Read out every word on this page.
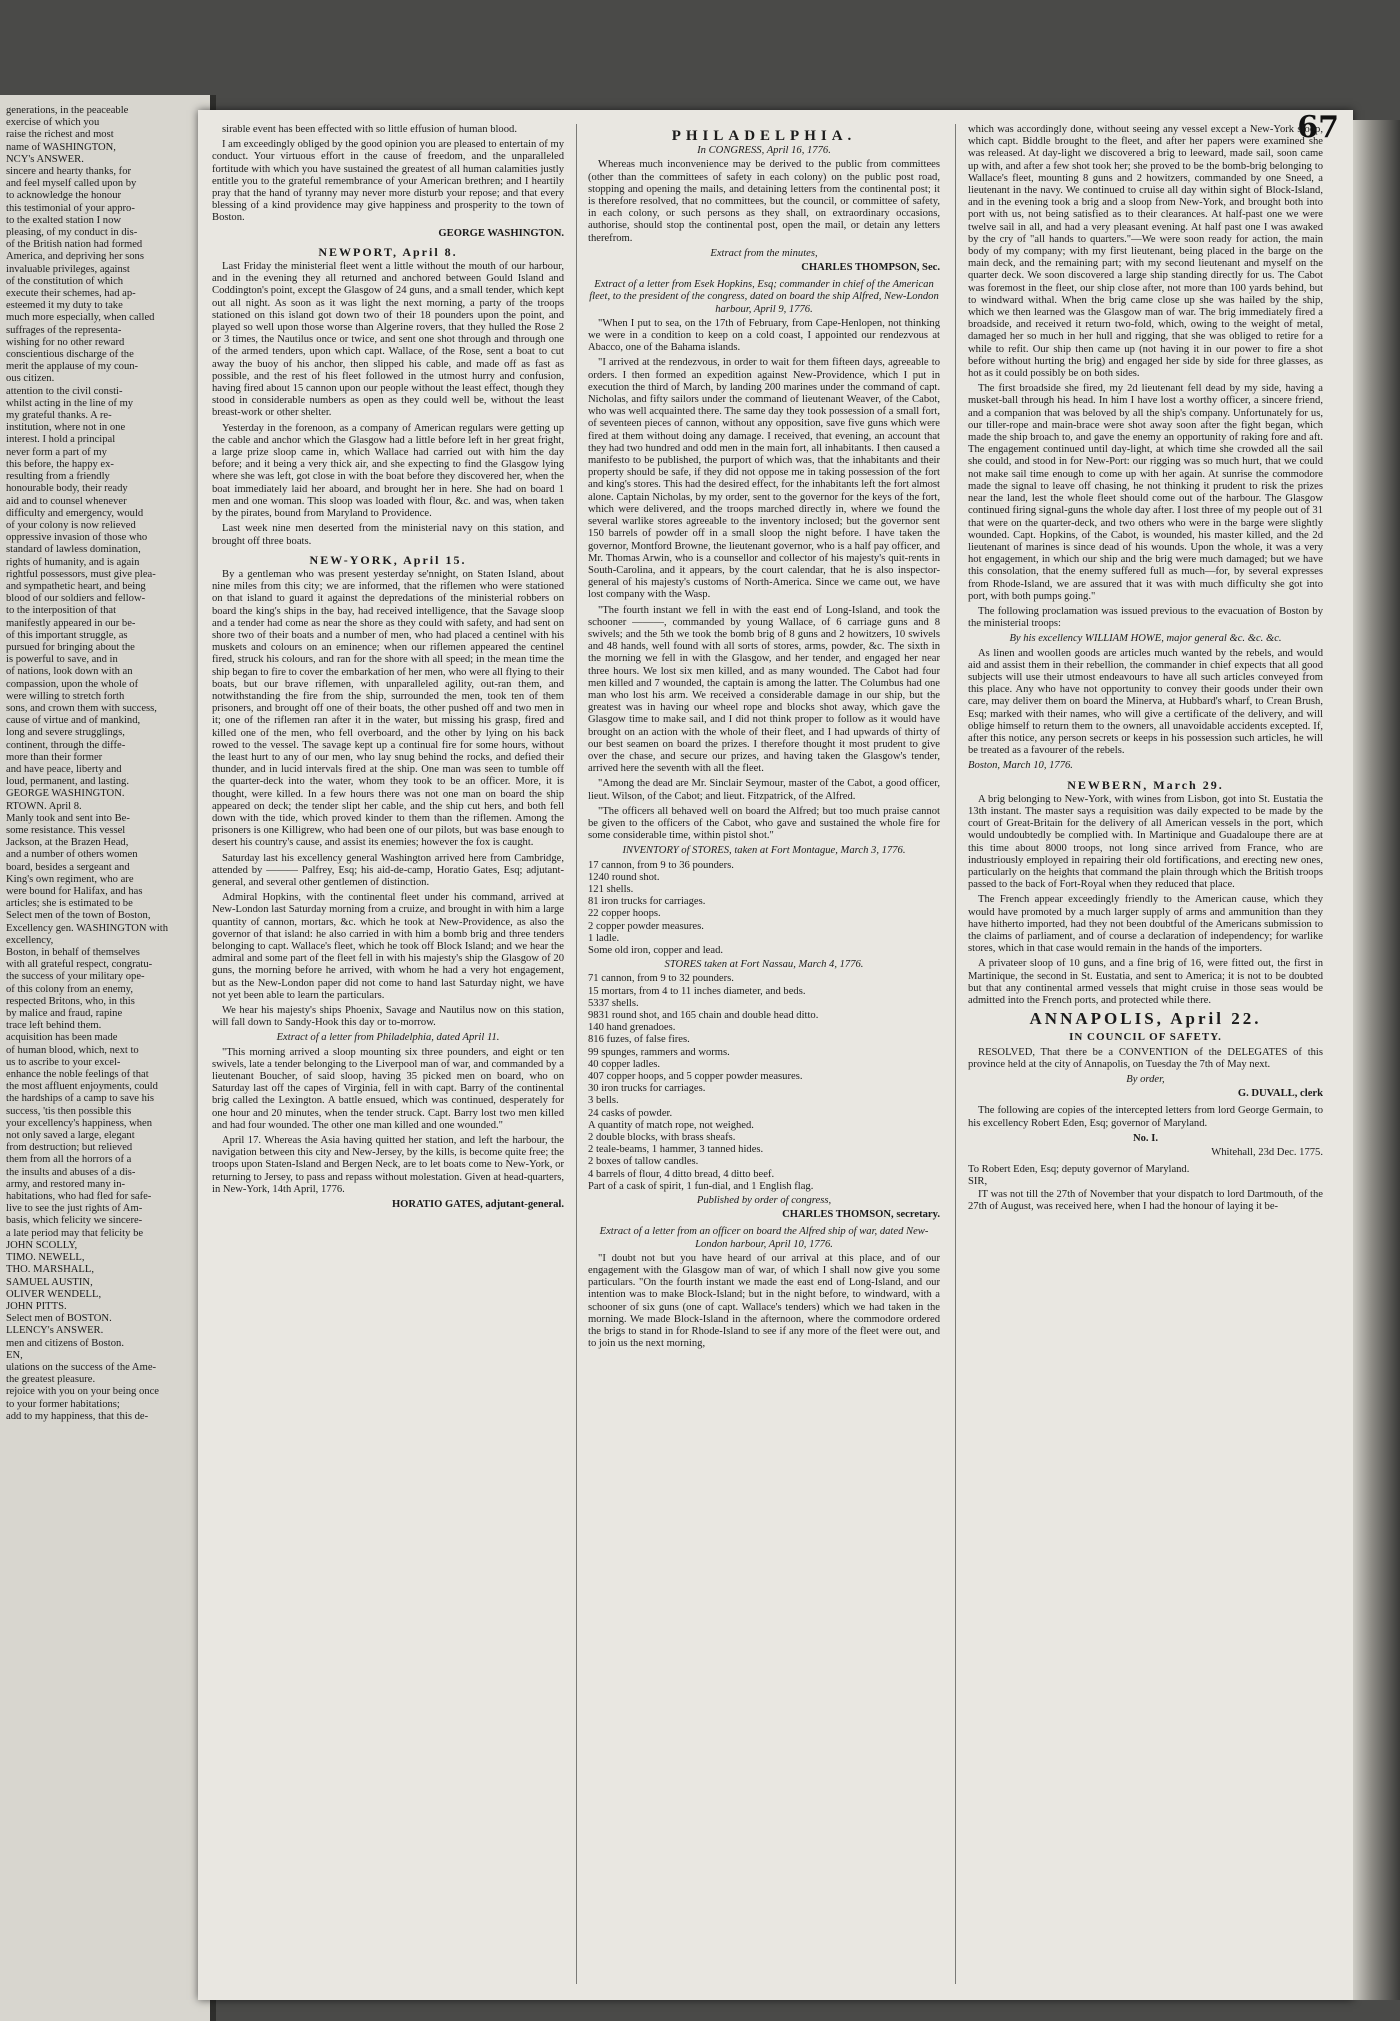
generations, in the peaceable
exercise of which you
raise the richest and most
name of WASHINGTON,
NCY's ANSWER.
sincere and hearty thanks, for
and feel myself called upon by
to acknowledge the honour
this testimonial of your appro-
to the exalted station I now
pleasing, of my conduct in dis-
of the British nation had formed
America, and depriving her sons
invaluable privileges, against
of the constitution of which
execute their schemes, had ap-
esteemed it my duty to take
much more especially, when called
suffrages of the representa-
wishing for no other reward
conscientious discharge of the
merit the applause of my coun-
ous citizen.
attention to the civil consti-
whilst acting in the line of my
my grateful thanks. A re-
institution, where not in one
interest. I hold a principal
never form a part of my
this before, the happy ex-
resulting from a friendly
honourable body, their ready
aid and to counsel whenever
difficulty and emergency, would
of your colony is now relieved
oppressive invasion of those who
standard of lawless domination,
rights of humanity, and is again
rightful possessors, must give plea-
and sympathetic heart, and being
blood of our soldiers and fellow-
to the interposition of that
manifestly appeared in our be-
of this important struggle, as
pursued for bringing about the
is powerful to save, and in
of nations, look down with an
compassion, upon the whole of
were willing to stretch forth
sons, and crown them with success,
cause of virtue and of mankind,
long and severe strugglings,
continent, through the diffe-
more than their former
and have peace, liberty and
loud, permanent, and lasting.
GEORGE WASHINGTON.
RTOWN. April 8.
Manly took and sent into Be-
some resistance. This vessel
Jackson, at the Brazen Head,
and a number of others women
board, besides a sergeant and
King's own regiment, who are
were bound for Halifax, and has
articles; she is estimated to be
Select men of the town of Boston,
Excellency gen. WASHINGTON with
excellency,
Boston, in behalf of themselves
with all grateful respect, congratu-
the success of your military ope-
of this colony from an enemy,
respected Britons, who, in this
by malice and fraud, rapine
trace left behind them.
acquisition has been made
of human blood, which, next to
us to ascribe to your excel-
enhance the noble feelings of that
the most affluent enjoyments, could
the hardships of a camp to save his
success, 'tis then possible this
your excellency's happiness, when
not only saved a large, elegant
from destruction; but relieved
them from all the horrors of a
the insults and abuses of a dis-
army, and restored many in-
habitations, who had fled for safe-
live to see the just rights of Am-
basis, which felicity we sincere-
a late period may that felicity be
JOHN SCOLLY,
TIMO. NEWELL,
THO. MARSHALL,
SAMUEL AUSTIN,
OLIVER WENDELL,
JOHN PITTS.
Select men of BOSTON.
LLENCY's ANSWER.
men and citizens of Boston.
EN,
ulations on the success of the Ame-
the greatest pleasure.
rejoice with you on your being once
to your former habitations;
add to my happiness, that this de-
67

sirable event has been effected with so little effusion of human blood.

I am exceedingly obliged by the good opinion you are pleased to entertain of my conduct. Your virtuous effort in the cause of freedom, and the unparalleled fortitude with which you have sustained the greatest of all human calamities justly entitle you to the grateful remembrance of your American brethren; and I heartily pray that the hand of tyranny may never more disturb your repose; and that every blessing of a kind providence may give happiness and prosperity to the town of Boston.

GEORGE WASHINGTON.
NEWPORT, April 8.

Last Friday the ministerial fleet went a little without the mouth of our harbour, and in the evening they all returned and anchored between Gould Island and Coddington's point, except the Glasgow of 24 guns, and a small tender, which kept out all night. As soon as it was light the next morning, a party of the troops stationed on this island got down two of their 18 pounders upon the point, and played so well upon those worse than Algerine rovers, that they hulled the Rose 2 or 3 times, the Nautilus once or twice, and sent one shot through and through one of the armed tenders, upon which capt. Wallace, of the Rose, sent a boat to cut away the buoy of his anchor, then slipped his cable, and made off as fast as possible, and the rest of his fleet followed in the utmost hurry and confusion, having fired about 15 cannon upon our people without the least effect, though they stood in considerable numbers as open as they could well be, without the least breast-work or other shelter.

Yesterday in the forenoon, as a company of American regulars were getting up the cable and anchor which the Glasgow had a little before left in her great fright, a large prize sloop came in, which Wallace had carried out with him the day before; and it being a very thick air, and she expecting to find the Glasgow lying where she was left, got close in with the boat before they discovered her, when the boat immediately laid her aboard, and brought her in here. She had on board 1 men and one woman. This sloop was loaded with flour, &c. and was, when taken by the pirates, bound from Maryland to Providence.

Last week nine men deserted from the ministerial navy on this station, and brought off three boats.

NEW-YORK, April 15.

By a gentleman who was present yesterday se'nnight, on Staten Island, about nine miles from this city; we are informed, that the riflemen who were stationed on that island to guard it against the depredations of the ministerial robbers on board the king's ships in the bay, had received intelligence, that the Savage sloop and a tender had come as near the shore as they could with safety, and had sent on shore two of their boats and a number of men, who had placed a centinel with his muskets and colours on an eminence; when our riflemen appeared the centinel fired, struck his colours, and ran for the shore with all speed; in the mean time the ship began to fire to cover the embarkation of her men, who were all flying to their boats, but our brave riflemen, with unparalleled agility, out-ran them, and notwithstanding the fire from the ship, surrounded the men, took ten of them prisoners, and brought off one of their boats, the other pushed off and two men in it; one of the riflemen ran after it in the water, but missing his grasp, fired and killed one of the men, who fell overboard, and the other by lying on his back rowed to the vessel. The savage kept up a continual fire for some hours, without the least hurt to any of our men, who lay snug behind the rocks, and defied their thunder, and in lucid intervals fired at the ship. One man was seen to tumble off the quarter-deck into the water, whom they took to be an officer. More, it is thought, were killed. In a few hours there was not one man on board the ship appeared on deck; the tender slipt her cable, and the ship cut hers, and both fell down with the tide, which proved kinder to them than the riflemen. Among the prisoners is one Killigrew, who had been one of our pilots, but was base enough to desert his country's cause, and assist its enemies; however the fox is caught.

Saturday last his excellency general Washington arrived here from Cambridge, attended by ——— Palfrey, Esq; his aid-de-camp, Horatio Gates, Esq; adjutant-general, and several other gentlemen of distinction.

Admiral Hopkins, with the continental fleet under his command, arrived at New-London last Saturday morning from a cruize, and brought in with him a large quantity of cannon, mortars, &c. which he took at New-Providence, as also the governor of that island: he also carried in with him a bomb brig and three tenders belonging to capt. Wallace's fleet, which he took off Block Island; and we hear the admiral and some part of the fleet fell in with his majesty's ship the Glasgow of 20 guns, the morning before he arrived, with whom he had a very hot engagement, but as the New-London paper did not come to hand last Saturday night, we have not yet been able to learn the particulars.

We hear his majesty's ships Phoenix, Savage and Nautilus now on this station, will fall down to Sandy-Hook this day or to-morrow.

Extract of a letter from Philadelphia, dated April 11.

"This morning arrived a sloop mounting six three pounders, and eight or ten swivels, late a tender belonging to the Liverpool man of war, and commanded by a lieutenant Boucher, of said sloop, having 35 picked men on board, who on Saturday last off the capes of Virginia, fell in with capt. Barry of the continental brig called the Lexington. A battle ensued, which was continued, desperately for one hour and 20 minutes, when the tender struck. Capt. Barry lost two men killed and had four wounded. The other one man killed and one wounded."

April 17. Whereas the Asia having quitted her station, and left the harbour, the navigation between this city and New-Jersey, by the kills, is become quite free; the troops upon Staten-Island and Bergen Neck, are to let boats come to New-York, or returning to Jersey, to pass and repass without molestation. Given at head-quarters, in New-York, 14th April, 1776.

HORATIO GATES, adjutant-general.
PHILADELPHIA.
In CONGRESS, April 16, 1776.

Whereas much inconvenience may be derived to the public from committees (other than the committees of safety in each colony) on the public post road, stopping and opening the mails, and detaining letters from the continental post; it is therefore resolved, that no committees, but the council, or committee of safety, in each colony, or such persons as they shall, on extraordinary occasions, authorise, should stop the continental post, open the mail, or detain any letters therefrom.

Extract from the minutes,
CHARLES THOMPSON, Sec.
Extract of a letter from Esek Hopkins, Esq; commander in chief of the American fleet, to the president of the congress, dated on board the ship Alfred, New-London harbour, April 9, 1776.

"When I put to sea, on the 17th of February, from Cape-Henlopen, not thinking we were in a condition to keep on a cold coast, I appointed our rendezvous at Abacco, one of the Bahama islands.

"I arrived at the rendezvous, in order to wait for them fifteen days, agreeable to orders. I then formed an expedition against New-Providence, which I put in execution the third of March, by landing 200 marines under the command of capt. Nicholas, and fifty sailors under the command of lieutenant Weaver, of the Cabot, who was well acquainted there. The same day they took possession of a small fort, of seventeen pieces of cannon, without any opposition, save five guns which were fired at them without doing any damage. I received, that evening, an account that they had two hundred and odd men in the main fort, all inhabitants. I then caused a manifesto to be published, the purport of which was, that the inhabitants and their property should be safe, if they did not oppose me in taking possession of the fort and king's stores. This had the desired effect, for the inhabitants left the fort almost alone. Captain Nicholas, by my order, sent to the governor for the keys of the fort, which were delivered, and the troops marched directly in, where we found the several warlike stores agreeable to the inventory inclosed; but the governor sent 150 barrels of powder off in a small sloop the night before. I have taken the governor, Montford Browne, the lieutenant governor, who is a half pay officer, and Mr. Thomas Arwin, who is a counsellor and collector of his majesty's quit-rents in South-Carolina, and it appears, by the court calendar, that he is also inspector-general of his majesty's customs of North-America. Since we came out, we have lost company with the Wasp.

"The fourth instant we fell in with the east end of Long-Island, and took the schooner ———, commanded by young Wallace, of 6 carriage guns and 8 swivels; and the 5th we took the bomb brig of 8 guns and 2 howitzers, 10 swivels and 48 hands, well found with all sorts of stores, arms, powder, &c. The sixth in the morning we fell in with the Glasgow, and her tender, and engaged her near three hours. We lost six men killed, and as many wounded. The Cabot had four men killed and 7 wounded, the captain is among the latter. The Columbus had one man who lost his arm. We received a considerable damage in our ship, but the greatest was in having our wheel rope and blocks shot away, which gave the Glasgow time to make sail, and I did not think proper to follow as it would have brought on an action with the whole of their fleet, and I had upwards of thirty of our best seamen on board the prizes. I therefore thought it most prudent to give over the chase, and secure our prizes, and having taken the Glasgow's tender, arrived here the seventh with all the fleet.

"Among the dead are Mr. Sinclair Seymour, master of the Cabot, a good officer, lieut. Wilson, of the Cabot; and lieut. Fitzpatrick, of the Alfred.

"The officers all behaved well on board the Alfred; but too much praise cannot be given to the officers of the Cabot, who gave and sustained the whole fire for some considerable time, within pistol shot."

INVENTORY of STORES, taken at Fort Montague, March 3, 1776.
17 cannon, from 9 to 36 pounders.
1240 round shot.
121 shells.
81 iron trucks for carriages.
22 copper hoops.
2 copper powder measures.
1 ladle.
Some old iron, copper and lead.
STORES taken at Fort Nassau, March 4, 1776.
71 cannon, from 9 to 32 pounders.
15 mortars, from 4 to 11 inches diameter, and beds.
5337 shells.
9831 round shot, and 165 chain and double head ditto.
140 hand grenadoes.
816 fuzes, of false fires.
99 spunges, rammers and worms.
40 copper ladles.
407 copper hoops, and 5 copper powder measures.
30 iron trucks for carriages.
3 bells.
24 casks of powder.
A quantity of match rope, not weighed.
2 double blocks, with brass sheafs.
2 teale-beams, 1 hammer, 3 tanned hides.
2 boxes of tallow candles.
4 barrels of flour, 4 ditto bread, 4 ditto beef.
Part of a cask of spirit, 1 fun-dial, and 1 English flag.
Published by order of congress,
CHARLES THOMSON, secretary.
Extract of a letter from an officer on board the Alfred ship of war, dated New-London harbour, April 10, 1776.

"I doubt not but you have heard of our arrival at this place, and of our engagement with the Glasgow man of war, of which I shall now give you some particulars. "On the fourth instant we made the east end of Long-Island, and our intention was to make Block-Island; but in the night before, to windward, with a schooner of six guns (one of capt. Wallace's tenders) which we had taken in the morning. We made Block-Island in the afternoon, where the commodore ordered the brigs to stand in for Rhode-Island to see if any more of the fleet were out, and to join us the next morning,

which was accordingly done, without seeing any vessel except a New-York sloop, which capt. Biddle brought to the fleet, and after her papers were examined she was released. At day-light we discovered a brig to leeward, made sail, soon came up with, and after a few shot took her; she proved to be the bomb-brig belonging to Wallace's fleet, mounting 8 guns and 2 howitzers, commanded by one Sneed, a lieutenant in the navy. We continued to cruise all day within sight of Block-Island, and in the evening took a brig and a sloop from New-York, and brought both into port with us, not being satisfied as to their clearances. At half-past one we were twelve sail in all, and had a very pleasant evening. At half past one I was awaked by the cry of "all hands to quarters."—We were soon ready for action, the main body of my company; with my first lieutenant, being placed in the barge on the main deck, and the remaining part; with my second lieutenant and myself on the quarter deck. We soon discovered a large ship standing directly for us. The Cabot was foremost in the fleet, our ship close after, not more than 100 yards behind, but to windward withal. When the brig came close up she was hailed by the ship, which we then learned was the Glasgow man of war. The brig immediately fired a broadside, and received it return two-fold, which, owing to the weight of metal, damaged her so much in her hull and rigging, that she was obliged to retire for a while to refit. Our ship then came up (not having it in our power to fire a shot before without hurting the brig) and engaged her side by side for three glasses, as hot as it could possibly be on both sides.

The first broadside she fired, my 2d lieutenant fell dead by my side, having a musket-ball through his head. In him I have lost a worthy officer, a sincere friend, and a companion that was beloved by all the ship's company. Unfortunately for us, our tiller-rope and main-brace were shot away soon after the fight began, which made the ship broach to, and gave the enemy an opportunity of raking fore and aft. The engagement continued until day-light, at which time she crowded all the sail she could, and stood in for New-Port: our rigging was so much hurt, that we could not make sail time enough to come up with her again. At sunrise the commodore made the signal to leave off chasing, he not thinking it prudent to risk the prizes near the land, lest the whole fleet should come out of the harbour. The Glasgow continued firing signal-guns the whole day after. I lost three of my people out of 31 that were on the quarter-deck, and two others who were in the barge were slightly wounded. Capt. Hopkins, of the Cabot, is wounded, his master killed, and the 2d lieutenant of marines is since dead of his wounds. Upon the whole, it was a very hot engagement, in which our ship and the brig were much damaged; but we have this consolation, that the enemy suffered full as much—for, by several expresses from Rhode-Island, we are assured that it was with much difficulty she got into port, with both pumps going."

The following proclamation was issued previous to the evacuation of Boston by the ministerial troops:

By his excellency WILLIAM HOWE, major general &c. &c. &c.

As linen and woollen goods are articles much wanted by the rebels, and would aid and assist them in their rebellion, the commander in chief expects that all good subjects will use their utmost endeavours to have all such articles conveyed from this place. Any who have not opportunity to convey their goods under their own care, may deliver them on board the Minerva, at Hubbard's wharf, to Crean Brush, Esq; marked with their names, who will give a certificate of the delivery, and will oblige himself to return them to the owners, all unavoidable accidents excepted. If, after this notice, any person secrets or keeps in his possession such articles, he will be treated as a favourer of the rebels.

Boston, March 10, 1776.
NEWBERN, March 29.

A brig belonging to New-York, with wines from Lisbon, got into St. Eustatia the 13th instant. The master says a requisition was daily expected to be made by the court of Great-Britain for the delivery of all American vessels in the port, which would undoubtedly be complied with. In Martinique and Guadaloupe there are at this time about 8000 troops, not long since arrived from France, who are industriously employed in repairing their old fortifications, and erecting new ones, particularly on the heights that command the plain through which the British troops passed to the back of Fort-Royal when they reduced that place.

The French appear exceedingly friendly to the American cause, which they would have promoted by a much larger supply of arms and ammunition than they have hitherto imported, had they not been doubtful of the Americans submission to the claims of parliament, and of course a declaration of independency; for warlike stores, which in that case would remain in the hands of the importers.

A privateer sloop of 10 guns, and a fine brig of 16, were fitted out, the first in Martinique, the second in St. Eustatia, and sent to America; it is not to be doubted but that any continental armed vessels that might cruise in those seas would be admitted into the French ports, and protected while there.

ANNAPOLIS, April 22.
IN COUNCIL OF SAFETY.

RESOLVED, That there be a CONVENTION of the DELEGATES of this province held at the city of Annapolis, on Tuesday the 7th of May next.

By order,
G. DUVALL, clerk

The following are copies of the intercepted letters from lord George Germain, to his excellency Robert Eden, Esq; governor of Maryland.

No. I.
Whitehall, 23d Dec. 1775.
To Robert Eden, Esq; deputy governor of Maryland.
SIR,

IT was not till the 27th of November that your dispatch to lord Dartmouth, of the 27th of August, was received here, when I had the honour of laying it be-
